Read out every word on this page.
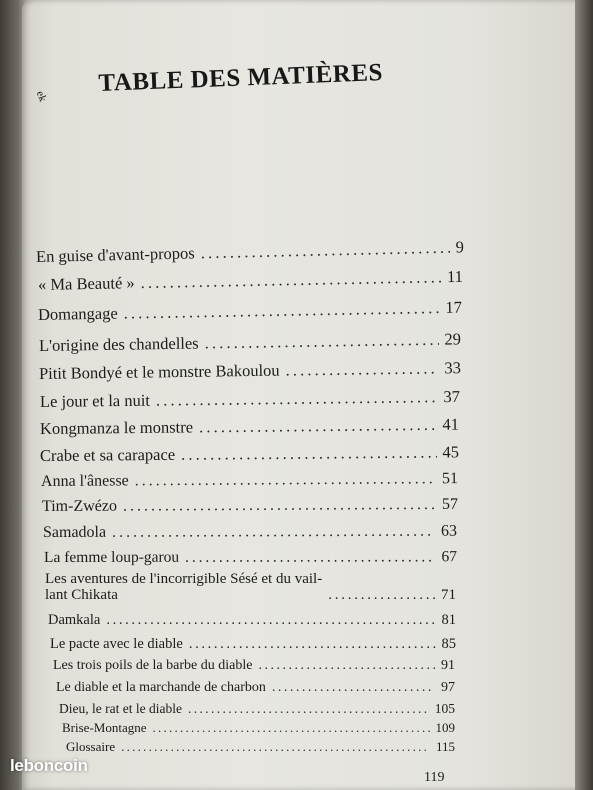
ek	TABLE DES MATIÈRES
En guise d'avant-propos . . .	9
« Ma Beauté » . . .	11
Domangage . . .	17
L'origine des chandelles . . .	29
Pitit Bondyé et le monstre Bakoulou . . .	33
Le jour et la nuit . . .	37
Kongmanza le monstre . . .	41
Crabe et sa carapace . . .	45
Anna l'ânesse . . .	51
Tim-Zwézo . . .	57
Samadola . . .	63
La femme loup-garou . . .	67
Les aventures de l'incorrigible Sésé et du vail-
lant Chikata . . .	71
Damkala . . .	81
Le pacte avec le diable . . .	85
Les trois poils de la barbe du diable . . .	91
Le diable et la marchande de charbon . . .	97
Dieu, le rat et le diable . . .	105
Brise-Montagne . . .	109
Glossaire . . .	115
119
leboncoin
